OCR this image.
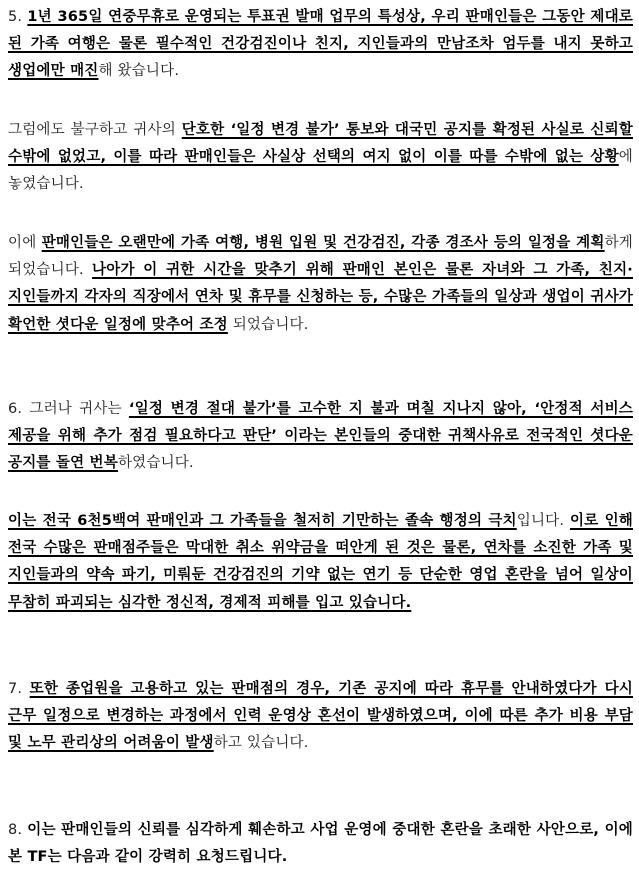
5. 1년 365일 연중무휴로 운영되는 투표권 발매 업무의 특성상, 우리 판매인들은 그동안 제대로 된 가족 여행은 물론 필수적인 건강검진이나 친지, 지인들과의 만남조차 엄두를 내지 못하고 생업에만 매진해 왔습니다.

그럼에도 불구하고 귀사의 단호한 ‘일정 변경 불가’ 통보와 대국민 공지를 확정된 사실로 신뢰할 수밖에 없었고, 이를 따라 판매인들은 사실상 선택의 여지 없이 이를 따를 수밖에 없는 상황에 놓였습니다.

이에 판매인들은 오랜만에 가족 여행, 병원 입원 및 건강검진, 각종 경조사 등의 일정을 계획하게 되었습니다. 나아가 이 귀한 시간을 맞추기 위해 판매인 본인은 물론 자녀와 그 가족, 친지·지인들까지 각자의 직장에서 연차 및 휴무를 신청하는 등, 수많은 가족들의 일상과 생업이 귀사가 확언한 셧다운 일정에 맞추어 조정 되었습니다.

6. 그러나 귀사는 ‘일정 변경 절대 불가’를 고수한 지 불과 며칠 지나지 않아, ‘안정적 서비스 제공을 위해 추가 점검 필요하다고 판단’ 이라는 본인들의 중대한 귀책사유로 전국적인 셧다운 공지를 돌연 번복하였습니다.

이는 전국 6천5백여 판매인과 그 가족들을 철저히 기만하는 졸속 행정의 극치입니다. 이로 인해 전국 수많은 판매점주들은 막대한 취소 위약금을 떠안게 된 것은 물론, 연차를 소진한 가족 및 지인들과의 약속 파기, 미뤄둔 건강검진의 기약 없는 연기 등 단순한 영업 혼란을 넘어 일상이 무참히 파괴되는 심각한 정신적, 경제적 피해를 입고 있습니다.

7. 또한 종업원을 고용하고 있는 판매점의 경우, 기존 공지에 따라 휴무를 안내하였다가 다시 근무 일정으로 변경하는 과정에서 인력 운영상 혼선이 발생하였으며, 이에 따른 추가 비용 부담 및 노무 관리상의 어려움이 발생하고 있습니다.

8. 이는 판매인들의 신뢰를 심각하게 훼손하고 사업 운영에 중대한 혼란을 초래한 사안으로, 이에 본 TF는 다음과 같이 강력히 요청드립니다.
